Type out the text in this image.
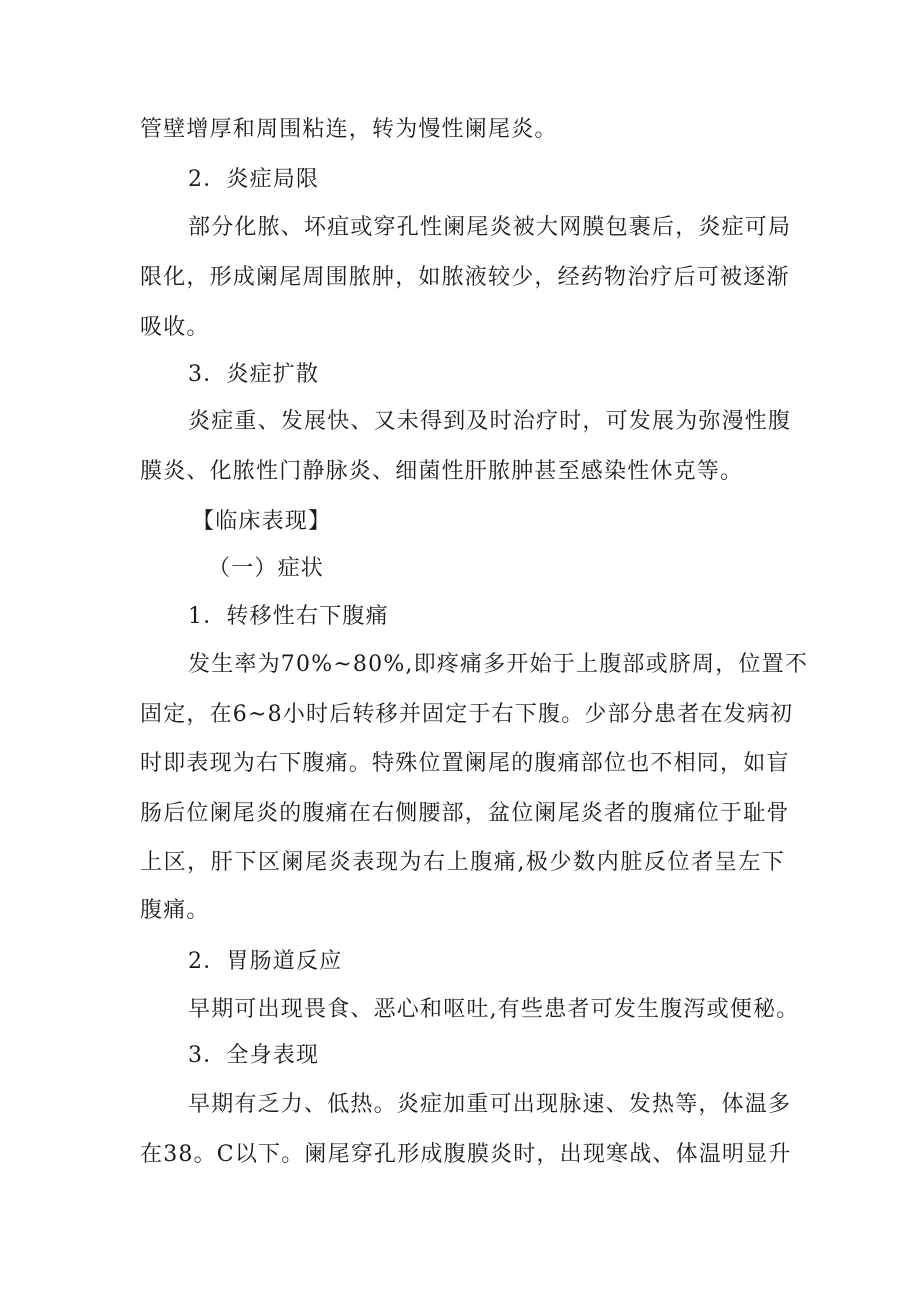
管壁增厚和周围粘连，转为慢性阑尾炎。
2．炎症局限
部分化脓、坏疽或穿孔性阑尾炎被大网膜包裹后，炎症可局
限化，形成阑尾周围脓肿，如脓液较少，经药物治疗后可被逐渐
吸收。
3．炎症扩散
炎症重、发展快、又未得到及时治疗时，可发展为弥漫性腹
膜炎、化脓性门静脉炎、细菌性肝脓肿甚至感染性休克等。
【临床表现】
（一）症状
1．转移性右下腹痛
发生率为70%~80%,即疼痛多开始于上腹部或脐周，位置不
固定，在6~8小时后转移并固定于右下腹。少部分患者在发病初
时即表现为右下腹痛。特殊位置阑尾的腹痛部位也不相同，如盲
肠后位阑尾炎的腹痛在右侧腰部，盆位阑尾炎者的腹痛位于耻骨
上区，肝下区阑尾炎表现为右上腹痛,极少数内脏反位者呈左下
腹痛。
2．胃肠道反应
早期可出现畏食、恶心和呕吐,有些患者可发生腹泻或便秘。
3．全身表现
早期有乏力、低热。炎症加重可出现脉速、发热等，体温多
在38。C以下。阑尾穿孔形成腹膜炎时，出现寒战、体温明显升
